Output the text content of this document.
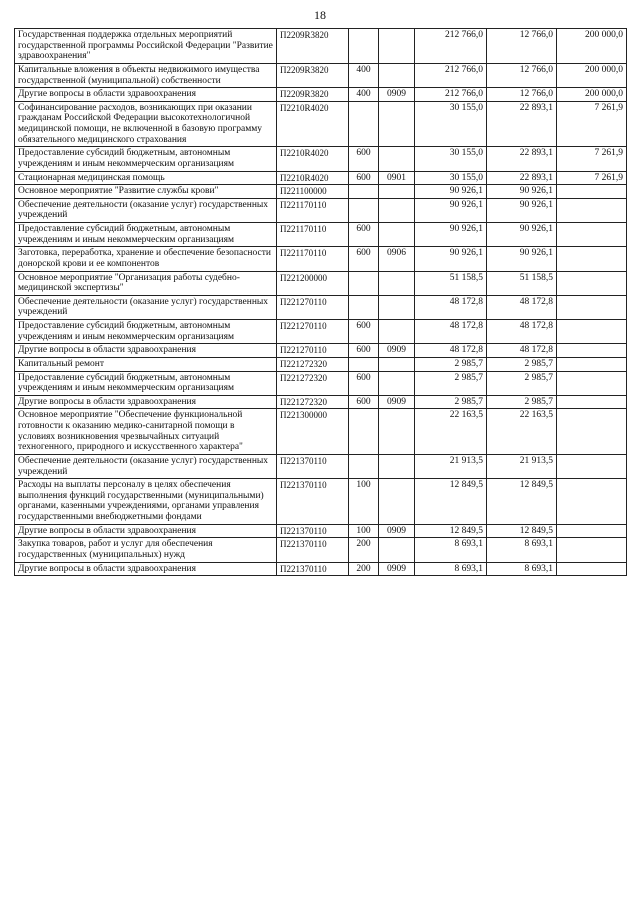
18
Государственная поддержка отдельных мероприятий государственной программы Российской Федерации "Развитие здравоохранения"	П2209R3820			212 766,0	12 766,0	200 000,0
Капитальные вложения в объекты недвижимого имущества государственной (муниципальной) собственности	П2209R3820	400		212 766,0	12 766,0	200 000,0
Другие вопросы в области здравоохранения	П2209R3820	400	0909	212 766,0	12 766,0	200 000,0
Софинансирование расходов, возникающих при оказании гражданам Российской Федерации высокотехнологичной медицинской помощи, не включенной в базовую программу обязательного медицинского страхования	П2210R4020			30 155,0	22 893,1	7 261,9
Предоставление субсидий бюджетным, автономным учреждениям и иным некоммерческим организациям	П2210R4020	600		30 155,0	22 893,1	7 261,9
Стационарная медицинская помощь	П2210R4020	600	0901	30 155,0	22 893,1	7 261,9
Основное мероприятие "Развитие службы крови"	П221100000			90 926,1	90 926,1	
Обеспечение деятельности (оказание услуг) государственных учреждений	П221170110			90 926,1	90 926,1	
Предоставление субсидий бюджетным, автономным учреждениям и иным некоммерческим организациям	П221170110	600		90 926,1	90 926,1	
Заготовка, переработка, хранение и обеспечение безопасности донорской крови и ее компонентов	П221170110	600	0906	90 926,1	90 926,1	
Основное мероприятие "Организация работы судебно-медицинской экспертизы"	П221200000			51 158,5	51 158,5	
Обеспечение деятельности (оказание услуг) государственных учреждений	П221270110			48 172,8	48 172,8	
Предоставление субсидий бюджетным, автономным учреждениям и иным некоммерческим организациям	П221270110	600		48 172,8	48 172,8	
Другие вопросы в области здравоохранения	П221270110	600	0909	48 172,8	48 172,8	
Капитальный ремонт	П221272320			2 985,7	2 985,7	
Предоставление субсидий бюджетным, автономным учреждениям и иным некоммерческим организациям	П221272320	600		2 985,7	2 985,7	
Другие вопросы в области здравоохранения	П221272320	600	0909	2 985,7	2 985,7	
Основное мероприятие "Обеспечение функциональной готовности к оказанию медико-санитарной помощи в условиях возникновения чрезвычайных ситуаций техногенного, природного и искусственного характера"	П221300000			22 163,5	22 163,5	
Обеспечение деятельности (оказание услуг) государственных учреждений	П221370110			21 913,5	21 913,5	
Расходы на выплаты персоналу в целях обеспечения выполнения функций государственными (муниципальными) органами, казенными учреждениями, органами управления государственными внебюджетными фондами	П221370110	100		12 849,5	12 849,5	
Другие вопросы в области здравоохранения	П221370110	100	0909	12 849,5	12 849,5	
Закупка товаров, работ и услуг для обеспечения государственных (муниципальных) нужд	П221370110	200		8 693,1	8 693,1	
Другие вопросы в области здравоохранения	П221370110	200	0909	8 693,1	8 693,1	
